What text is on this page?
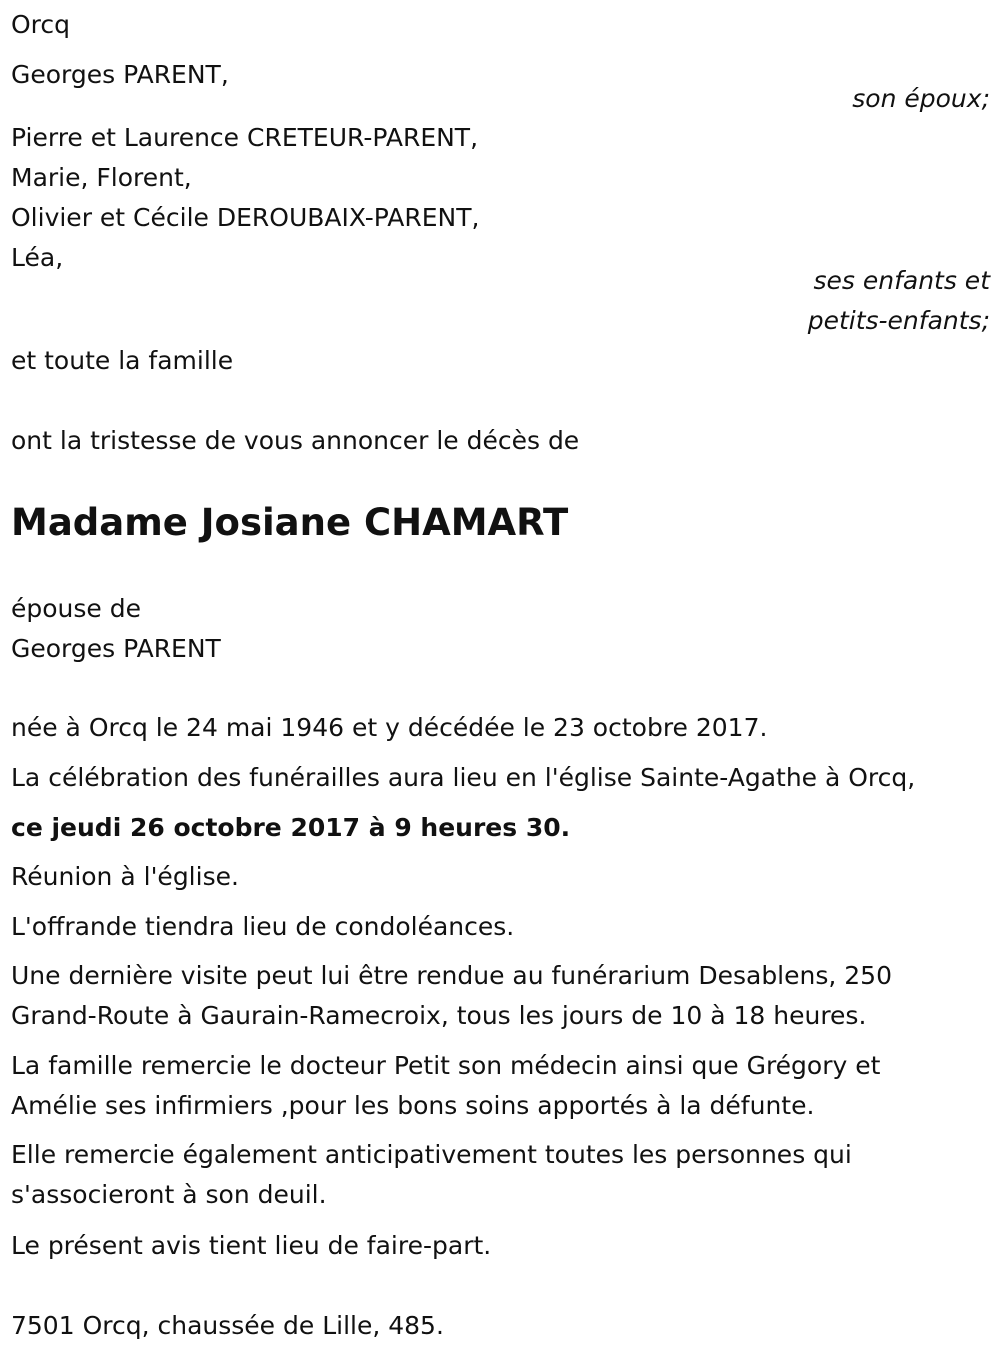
Orcq
Georges PARENT,
son époux;
Pierre et Laurence CRETEUR-PARENT,
Marie, Florent,
Olivier et Cécile DEROUBAIX-PARENT,
Léa,
ses enfants et
petits-enfants;
et toute la famille
ont la tristesse de vous annoncer le décès de
Madame Josiane CHAMART
épouse de
Georges PARENT
née à Orcq le 24 mai 1946 et y décédée le 23 octobre 2017.
La célébration des funérailles aura lieu en l'église Sainte-Agathe à Orcq,
ce jeudi 26 octobre 2017 à 9 heures 30.
Réunion à l'église.
L'offrande tiendra lieu de condoléances.
Une dernière visite peut lui être rendue au funérarium Desablens, 250
Grand-Route à Gaurain-Ramecroix, tous les jours de 10 à 18 heures.
La famille remercie le docteur Petit son médecin ainsi que Grégory et
Amélie ses infirmiers ,pour les bons soins apportés à la défunte.
Elle remercie également anticipativement toutes les personnes qui
s'associeront à son deuil.
Le présent avis tient lieu de faire-part.
7501 Orcq, chaussée de Lille, 485.
